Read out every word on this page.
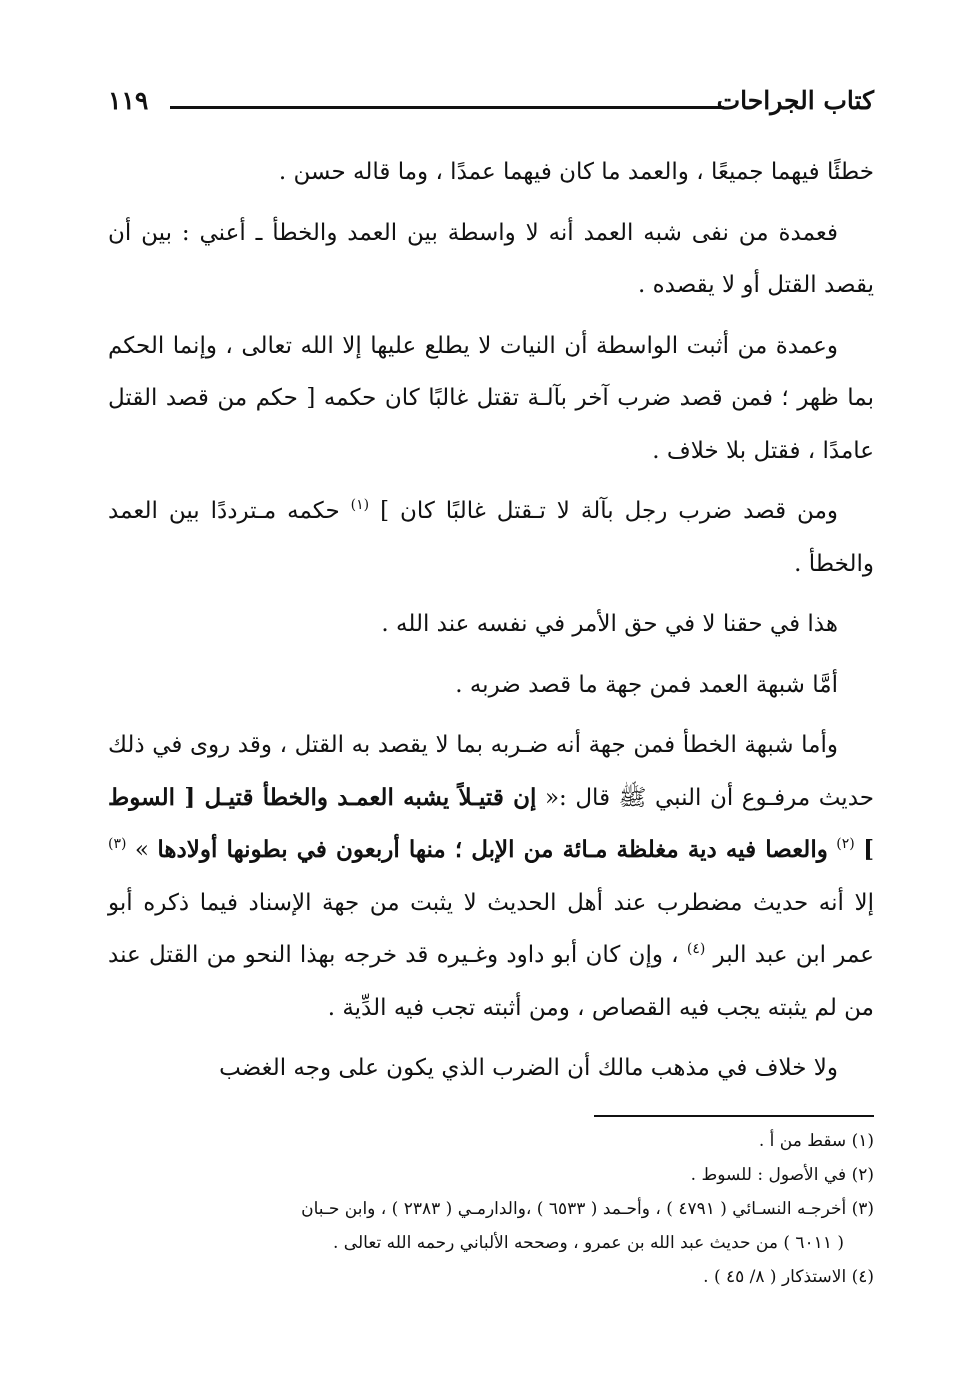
كتاب الجراحات
١١٩

خطئًا فيهما جميعًا ، والعمد ما كان فيهما عمدًا ، وما قاله حسن .

فعمدة من نفى شبه العمد أنه لا واسطة بين العمد والخطأ ـ أعني : بين أن يقصد القتل أو لا يقصده .

وعمدة من أثبت الواسطة أن النيات لا يطلع عليها إلا الله تعالى ، وإنما الحكم بما ظهر ؛ فمن قصد ضرب آخر بآلـة تقتل غالبًا كان حكمه [ حكم من قصد القتل عامدًا ، فقتل بلا خلاف .

ومن قصد ضرب رجل بآلة لا تـقتل غالبًا كان ] $^{(١)}$ حكمه مـترددًا بين العمد والخطأ .

هذا في حقنا لا في حق الأمر في نفسه عند الله .

أمَّا شبهة العمد فمن جهة ما قصد ضربه .

وأما شبهة الخطأ فمن جهة أنه ضـربه بما لا يقصد به القتل ، وقد روى في ذلك حديث مرفـوع أن النبي ﷺ قال :« إن قتيـلاً يشبه العمـد والخطأ قتيـل [ السوط ] $^{(٢)}$ والعصا فيه دية مغلظة مـائة من الإبل ؛ منها أربعون في بطونها أولادها » $^{(٣)}$ إلا أنه حديث مضطرب عند أهل الحديث لا يثبت من جهة الإسناد فيما ذكره أبو عمر ابن عبد البر $^{(٤)}$ ، وإن كان أبو داود وغـيره قد خرجه بهذا النحو من القتل عند من لم يثبته يجب فيه القصاص ، ومن أثبته تجب فيه الدِّية .

ولا خلاف في مذهب مالك أن الضرب الذي يكون على وجه الغضب

(١) سقط من أ .

(٢) في الأصول : للسوط .

(٣) أخرجـه النسـائي ( ٤٧٩١ ) ، وأحـمد ( ٦٥٣٣ ) ،والدارمـي ( ٢٣٨٣ ) ، وابن حـبان

( ٦٠١١ ) من حديث عبد الله بن عمرو ، وصححه الألباني رحمه الله تعالى .

(٤) الاستذكار ( ٨/ ٤٥ ) .
